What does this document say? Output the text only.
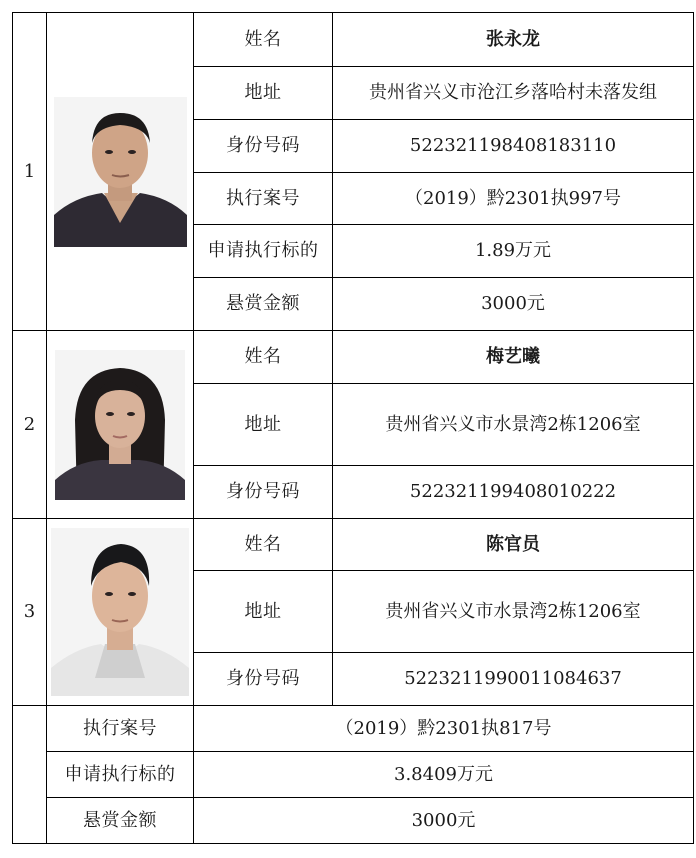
1		姓名	张永龙
		地址	贵州省兴义市沧江乡落哈村未落发组
		身份号码	522321198408183110
		执行案号	（2019）黔2301执997号
		申请执行标的	1.89万元
		悬赏金额	3000元
2		姓名	梅艺曦
		地址	贵州省兴义市水景湾2栋1206室
		身份号码	522321199408010222
3		姓名	陈官员
		地址	贵州省兴义市水景湾2栋1206室
		身份号码	5223211990011084637
	执行案号	（2019）黔2301执817号	
	申请执行标的	3.8409万元	
	悬赏金额	3000元	
